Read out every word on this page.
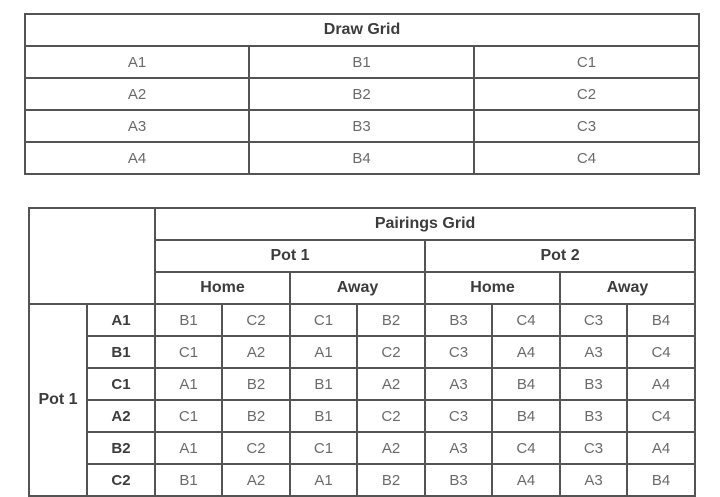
Draw Grid		
A1	B1	C1
A2	B2	C2
A3	B3	C3
A4	B4	C4
		Pairings Grid							
		Pot 1				Pot 2			
		Home		Away		Home		Away	
Pot 1	A1	B1	C2	C1	B2	B3	C4	C3	B4
	B1	C1	A2	A1	C2	C3	A4	A3	C4
	C1	A1	B2	B1	A2	A3	B4	B3	A4
	A2	C1	B2	B1	C2	C3	B4	B3	C4
	B2	A1	C2	C1	A2	A3	C4	C3	A4
	C2	B1	A2	A1	B2	B3	A4	A3	B4
